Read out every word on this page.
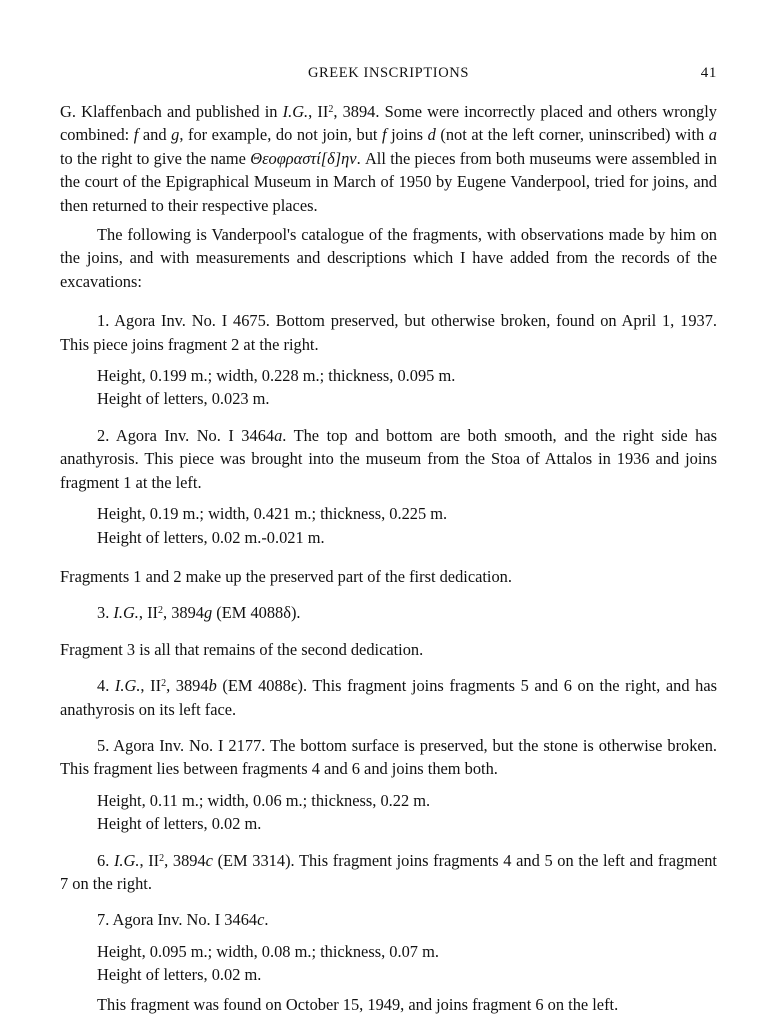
GREEK INSCRIPTIONS	41

G. Klaffenbach and published in I.G., $II^2$, 3894. Some were incorrectly placed and others wrongly combined: f and g, for example, do not join, but f joins d (not at the left corner, uninscribed) with a to the right to give the name Θεοφραστί[δ]ην. All the pieces from both museums were assembled in the court of the Epigraphical Museum in March of 1950 by Eugene Vanderpool, tried for joins, and then returned to their respective places.

The following is Vanderpool's catalogue of the fragments, with observations made by him on the joins, and with measurements and descriptions which I have added from the records of the excavations:

1. Agora Inv. No. I 4675. Bottom preserved, but otherwise broken, found on April 1, 1937. This piece joins fragment 2 at the right.

Height, 0.199 m.; width, 0.228 m.; thickness, 0.095 m.
Height of letters, 0.023 m.

2. Agora Inv. No. I 3464a. The top and bottom are both smooth, and the right side has anathyrosis. This piece was brought into the museum from the Stoa of Attalos in 1936 and joins fragment 1 at the left.

Height, 0.19 m.; width, 0.421 m.; thickness, 0.225 m.
Height of letters, 0.02 m.-0.021 m.

Fragments 1 and 2 make up the preserved part of the first dedication.

3. I.G., $II^2$, 3894g (EM 4088δ).

Fragment 3 is all that remains of the second dedication.

4. I.G., $II^2$, 3894b (EM 4088ϵ). This fragment joins fragments 5 and 6 on the right, and has anathyrosis on its left face.

5. Agora Inv. No. I 2177. The bottom surface is preserved, but the stone is otherwise broken. This fragment lies between fragments 4 and 6 and joins them both.

Height, 0.11 m.; width, 0.06 m.; thickness, 0.22 m.
Height of letters, 0.02 m.

6. I.G., $II^2$, 3894c (EM 3314). This fragment joins fragments 4 and 5 on the left and fragment 7 on the right.

7. Agora Inv. No. I 3464c.

Height, 0.095 m.; width, 0.08 m.; thickness, 0.07 m.
Height of letters, 0.02 m.

This fragment was found on October 15, 1949, and joins fragment 6 on the left.
